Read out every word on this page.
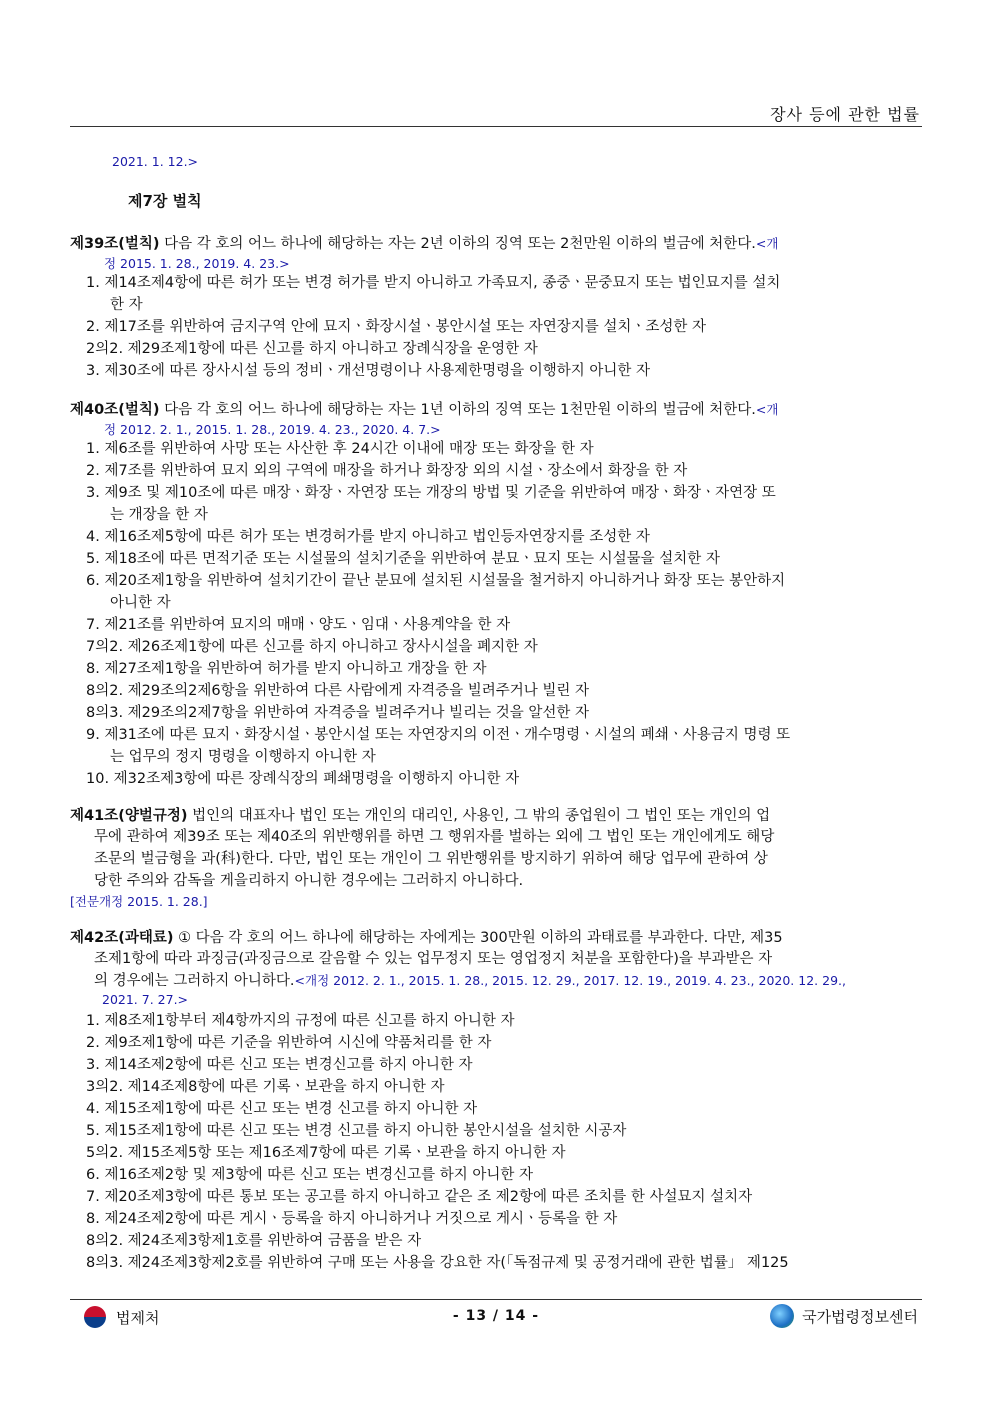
장사 등에 관한 법률
2021. 1. 12.>
제7장 벌칙
제39조(벌칙) 다음 각 호의 어느 하나에 해당하는 자는 2년 이하의 징역 또는 2천만원 이하의 벌금에 처한다.<개
정 2015. 1. 28., 2019. 4. 23.>
1. 제14조제4항에 따른 허가 또는 변경 허가를 받지 아니하고 가족묘지, 종중ㆍ문중묘지 또는 법인묘지를 설치
한 자
2. 제17조를 위반하여 금지구역 안에 묘지ㆍ화장시설ㆍ봉안시설 또는 자연장지를 설치ㆍ조성한 자
2의2. 제29조제1항에 따른 신고를 하지 아니하고 장례식장을 운영한 자
3. 제30조에 따른 장사시설 등의 정비ㆍ개선명령이나 사용제한명령을 이행하지 아니한 자
제40조(벌칙) 다음 각 호의 어느 하나에 해당하는 자는 1년 이하의 징역 또는 1천만원 이하의 벌금에 처한다.<개
정 2012. 2. 1., 2015. 1. 28., 2019. 4. 23., 2020. 4. 7.>
1. 제6조를 위반하여 사망 또는 사산한 후 24시간 이내에 매장 또는 화장을 한 자
2. 제7조를 위반하여 묘지 외의 구역에 매장을 하거나 화장장 외의 시설ㆍ장소에서 화장을 한 자
3. 제9조 및 제10조에 따른 매장ㆍ화장ㆍ자연장 또는 개장의 방법 및 기준을 위반하여 매장ㆍ화장ㆍ자연장 또
는 개장을 한 자
4. 제16조제5항에 따른 허가 또는 변경허가를 받지 아니하고 법인등자연장지를 조성한 자
5. 제18조에 따른 면적기준 또는 시설물의 설치기준을 위반하여 분묘ㆍ묘지 또는 시설물을 설치한 자
6. 제20조제1항을 위반하여 설치기간이 끝난 분묘에 설치된 시설물을 철거하지 아니하거나 화장 또는 봉안하지
아니한 자
7. 제21조를 위반하여 묘지의 매매ㆍ양도ㆍ임대ㆍ사용계약을 한 자
7의2. 제26조제1항에 따른 신고를 하지 아니하고 장사시설을 폐지한 자
8. 제27조제1항을 위반하여 허가를 받지 아니하고 개장을 한 자
8의2. 제29조의2제6항을 위반하여 다른 사람에게 자격증을 빌려주거나 빌린 자
8의3. 제29조의2제7항을 위반하여 자격증을 빌려주거나 빌리는 것을 알선한 자
9. 제31조에 따른 묘지ㆍ화장시설ㆍ봉안시설 또는 자연장지의 이전ㆍ개수명령ㆍ시설의 폐쇄ㆍ사용금지 명령 또
는 업무의 정지 명령을 이행하지 아니한 자
10. 제32조제3항에 따른 장례식장의 폐쇄명령을 이행하지 아니한 자
제41조(양벌규정) 법인의 대표자나 법인 또는 개인의 대리인, 사용인, 그 밖의 종업원이 그 법인 또는 개인의 업
무에 관하여 제39조 또는 제40조의 위반행위를 하면 그 행위자를 벌하는 외에 그 법인 또는 개인에게도 해당
조문의 벌금형을 과(科)한다. 다만, 법인 또는 개인이 그 위반행위를 방지하기 위하여 해당 업무에 관하여 상
당한 주의와 감독을 게을리하지 아니한 경우에는 그러하지 아니하다.
[전문개정 2015. 1. 28.]
제42조(과태료) ① 다음 각 호의 어느 하나에 해당하는 자에게는 300만원 이하의 과태료를 부과한다. 다만, 제35
조제1항에 따라 과징금(과징금으로 갈음할 수 있는 업무정지 또는 영업정지 처분을 포함한다)을 부과받은 자
의 경우에는 그러하지 아니하다.<개정 2012. 2. 1., 2015. 1. 28., 2015. 12. 29., 2017. 12. 19., 2019. 4. 23., 2020. 12. 29.,
2021. 7. 27.>
1. 제8조제1항부터 제4항까지의 규정에 따른 신고를 하지 아니한 자
2. 제9조제1항에 따른 기준을 위반하여 시신에 약품처리를 한 자
3. 제14조제2항에 따른 신고 또는 변경신고를 하지 아니한 자
3의2. 제14조제8항에 따른 기록ㆍ보관을 하지 아니한 자
4. 제15조제1항에 따른 신고 또는 변경 신고를 하지 아니한 자
5. 제15조제1항에 따른 신고 또는 변경 신고를 하지 아니한 봉안시설을 설치한 시공자
5의2. 제15조제5항 또는 제16조제7항에 따른 기록ㆍ보관을 하지 아니한 자
6. 제16조제2항 및 제3항에 따른 신고 또는 변경신고를 하지 아니한 자
7. 제20조제3항에 따른 통보 또는 공고를 하지 아니하고 같은 조 제2항에 따른 조치를 한 사설묘지 설치자
8. 제24조제2항에 따른 게시ㆍ등록을 하지 아니하거나 거짓으로 게시ㆍ등록을 한 자
8의2. 제24조제3항제1호를 위반하여 금품을 받은 자
8의3. 제24조제3항제2호를 위반하여 구매 또는 사용을 강요한 자(「독점규제 및 공정거래에 관한 법률」 제125
법제처	- 13 / 14 -	국가법령정보센터
